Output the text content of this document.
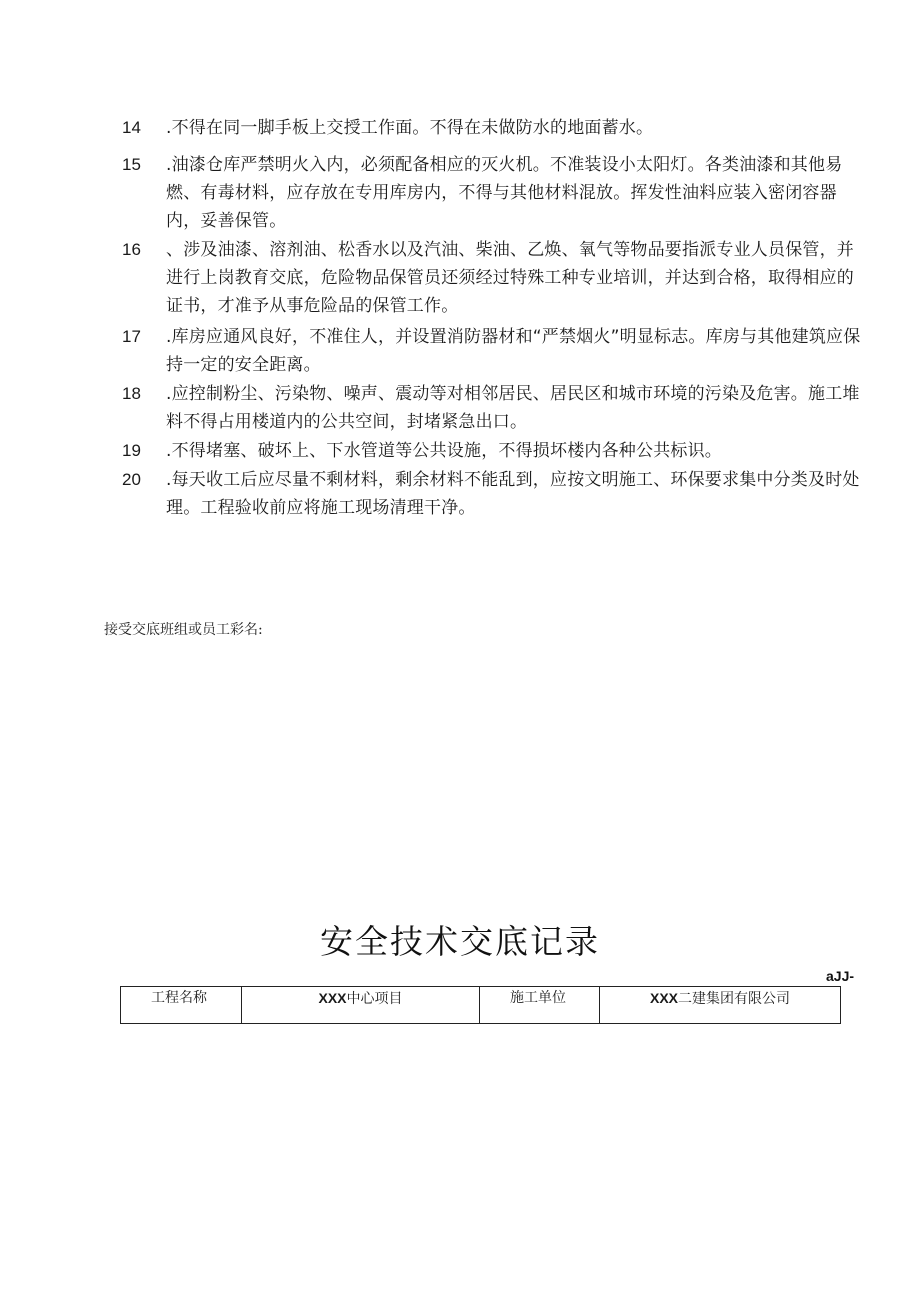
14	.不得在同一脚手板上交授工作面。不得在未做防水的地面蓄水。
15	.油漆仓库严禁明火入内，必须配备相应的灭火机。不准装设小太阳灯。各类油漆和其他易燃、有毒材料，应存放在专用库房内，不得与其他材料混放。挥发性油料应装入密闭容器内，妥善保管。
16	、涉及油漆、溶剂油、松香水以及汽油、柴油、乙焕、氧气等物品要指派专业人员保管，并进行上岗教育交底，危险物品保管员还须经过特殊工种专业培训，并达到合格，取得相应的证书，才准予从事危险品的保管工作。
17	.库房应通风良好，不准住人，并设置消防器材和“严禁烟火”明显标志。库房与其他建筑应保持一定的安全距离。
18	.应控制粉尘、污染物、噪声、震动等对相邻居民、居民区和城市环境的污染及危害。施工堆料不得占用楼道内的公共空间，封堵紧急出口。
19	.不得堵塞、破坏上、下水管道等公共设施，不得损坏楼内各种公共标识。
20	.每天收工后应尽量不剩材料，剩余材料不能乱到，应按文明施工、环保要求集中分类及时处理。工程验收前应将施工现场清理干净。
接受交底班组或员工彩名:
安全技术交底记录
aJJ-
工程名称	XXX中心项目	施工单位	XXX二建集团有限公司
